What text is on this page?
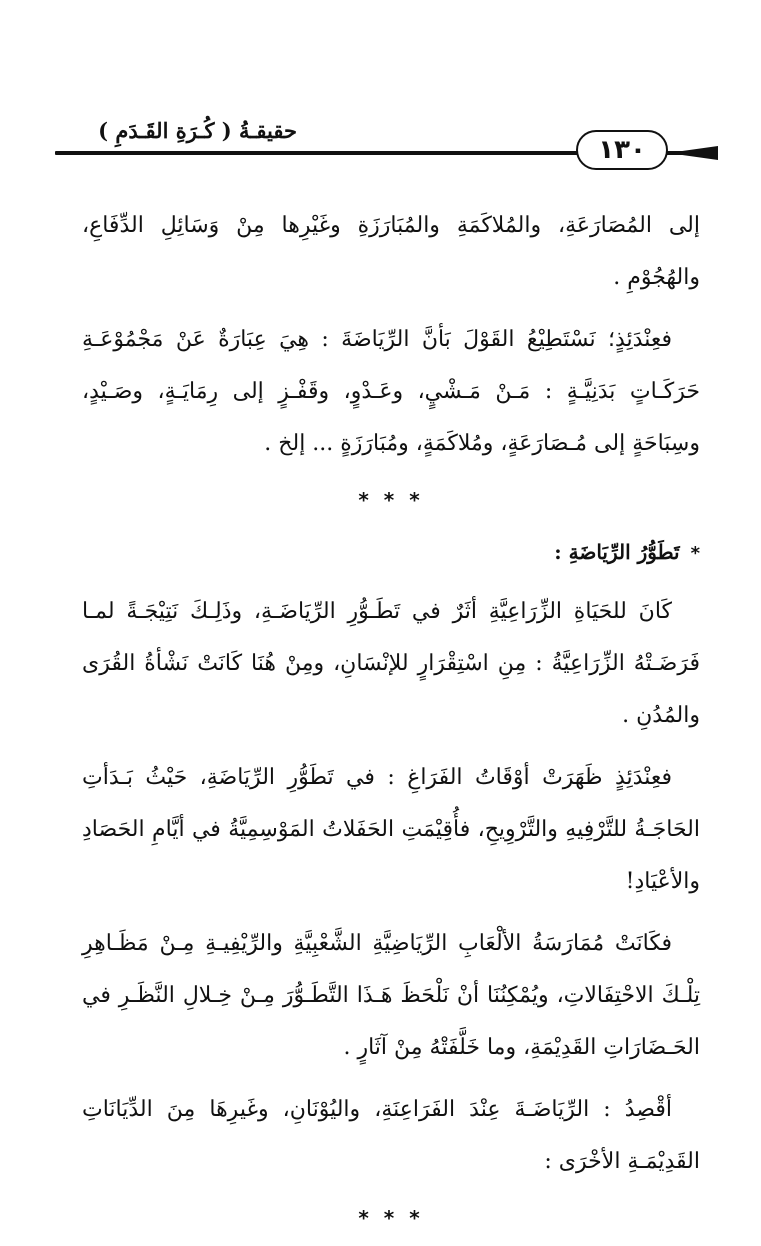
١٣٠
حقيقـةُ ( كُـرَةِ القَـدَمِ )

إلى المُصَارَعَةِ، والمُلاكَمَةِ والمُبَارَزَةِ وغَيْرِها مِنْ وَسَائِلِ الدِّفَاعِ، والهُجُوْمِ .

فعِنْدَئِذٍ؛ نَسْتَطِيْعُ القَوْلَ بَأنَّ الرِّيَاضَةَ : هِيَ عِبَارَةٌ عَنْ مَجْمُوْعَـةِ حَرَكَـاتٍ بَدَنِيَّـةٍ : مَـنْ مَـشْيٍ، وعَـدْوٍ، وقَفْـزٍ إلى رِمَايَـةٍ، وصَـيْدٍ، وسِبَاحَةٍ إلى مُـصَارَعَةٍ، ومُلاكَمَةٍ، ومُبَارَزَةٍ ... إلخ .

* * *
* تَطَوُّرُ الرِّيَاضَةِ :

كَانَ للحَيَاةِ الزِّرَاعِيَّةِ أثَرٌ في تَطَـوُّرِ الرِّيَاضَـةِ، وذَلِـكَ نَتِيْجَـةً لمـا فَرَضَـتْهُ الزِّرَاعِيَّةُ : مِنِ اسْتِقْرَارٍ للإنْسَانِ، ومِنْ هُنَا كَانَتْ نَشْأةُ القُرَى والمُدُنِ .

فعِنْدَئِذٍ ظَهَرَتْ أوْقَاتُ الفَرَاغِ : في تَطَوُّرِ الرِّيَاضَةِ، حَيْثُ بَـدَأتِ الحَاجَـةُ للتَّرْفِيهِ والتَّرْوِيحِ، فأُقِيْمَتِ الحَفَلاتُ المَوْسِمِيَّةُ في أيَّامِ الحَصَادِ والأعْيَادِ!

فكَانَتْ مُمَارَسَةُ الألْعَابِ الرِّيَاضِيَّةِ الشَّعْبِيَّةِ والرِّيْفِيـةِ مِـنْ مَظَـاهِرِ تِلْـكَ الاحْتِفَالاتِ، ويُمْكِنُنَا أنْ نَلْحَظَ هَـذَا التَّطَـوُّرَ مِـنْ خِـلالِ النَّظَـرِ في الحَـضَارَاتِ القَدِيْمَةِ، وما خَلَّفَتْهُ مِنْ آثَارٍ .

أقْصِدُ : الرِّيَاضَـةَ عِنْدَ الفَرَاعِنَةِ، واليُوْنَانِ، وغَيرِهَا مِنَ الدِّيَانَاتِ القَدِيْمَـةِ الأخْرَى :

* * *
